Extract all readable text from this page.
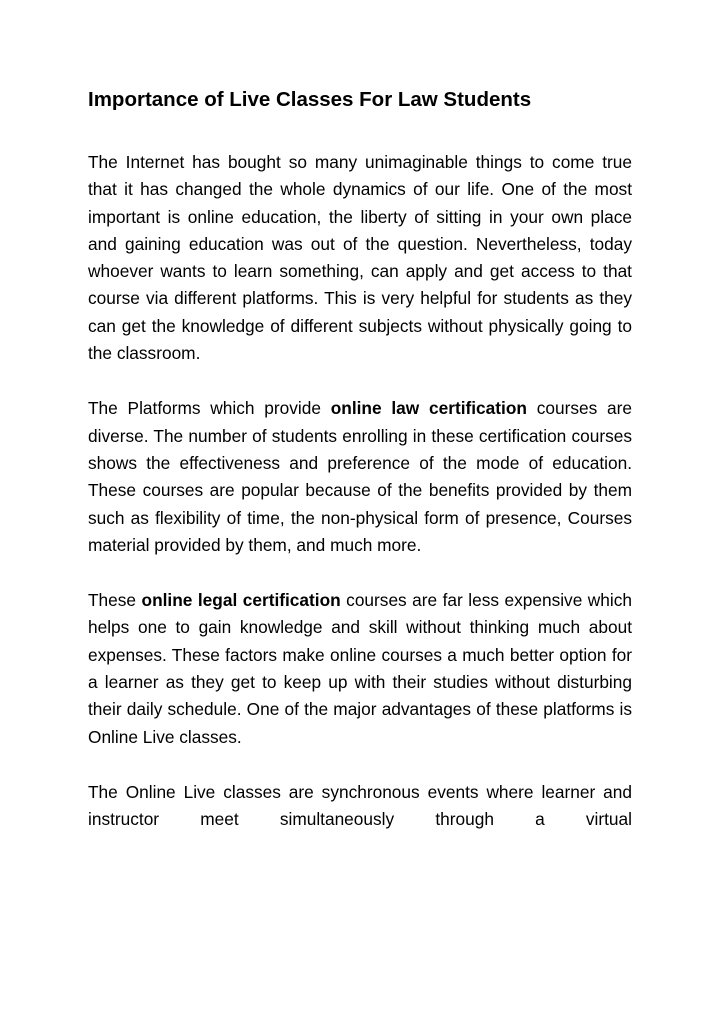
Importance of Live Classes For Law Students

The Internet has bought so many unimaginable things to come true that it has changed the whole dynamics of our life. One of the most important is online education, the liberty of sitting in your own place and gaining education was out of the question. Nevertheless, today whoever wants to learn something, can apply and get access to that course via different platforms. This is very helpful for students as they can get the knowledge of different subjects without physically going to the classroom.

The Platforms which provide online law certification courses are diverse. The number of students enrolling in these certification courses shows the effectiveness and preference of the mode of education. These courses are popular because of the benefits provided by them such as flexibility of time, the non-physical form of presence, Courses material provided by them, and much more.

These online legal certification courses are far less expensive which helps one to gain knowledge and skill without thinking much about expenses. These factors make online courses a much better option for a learner as they get to keep up with their studies without disturbing their daily schedule. One of the major advantages of these platforms is Online Live classes.

The Online Live classes are synchronous events where learner and instructor meet simultaneously through a virtual
